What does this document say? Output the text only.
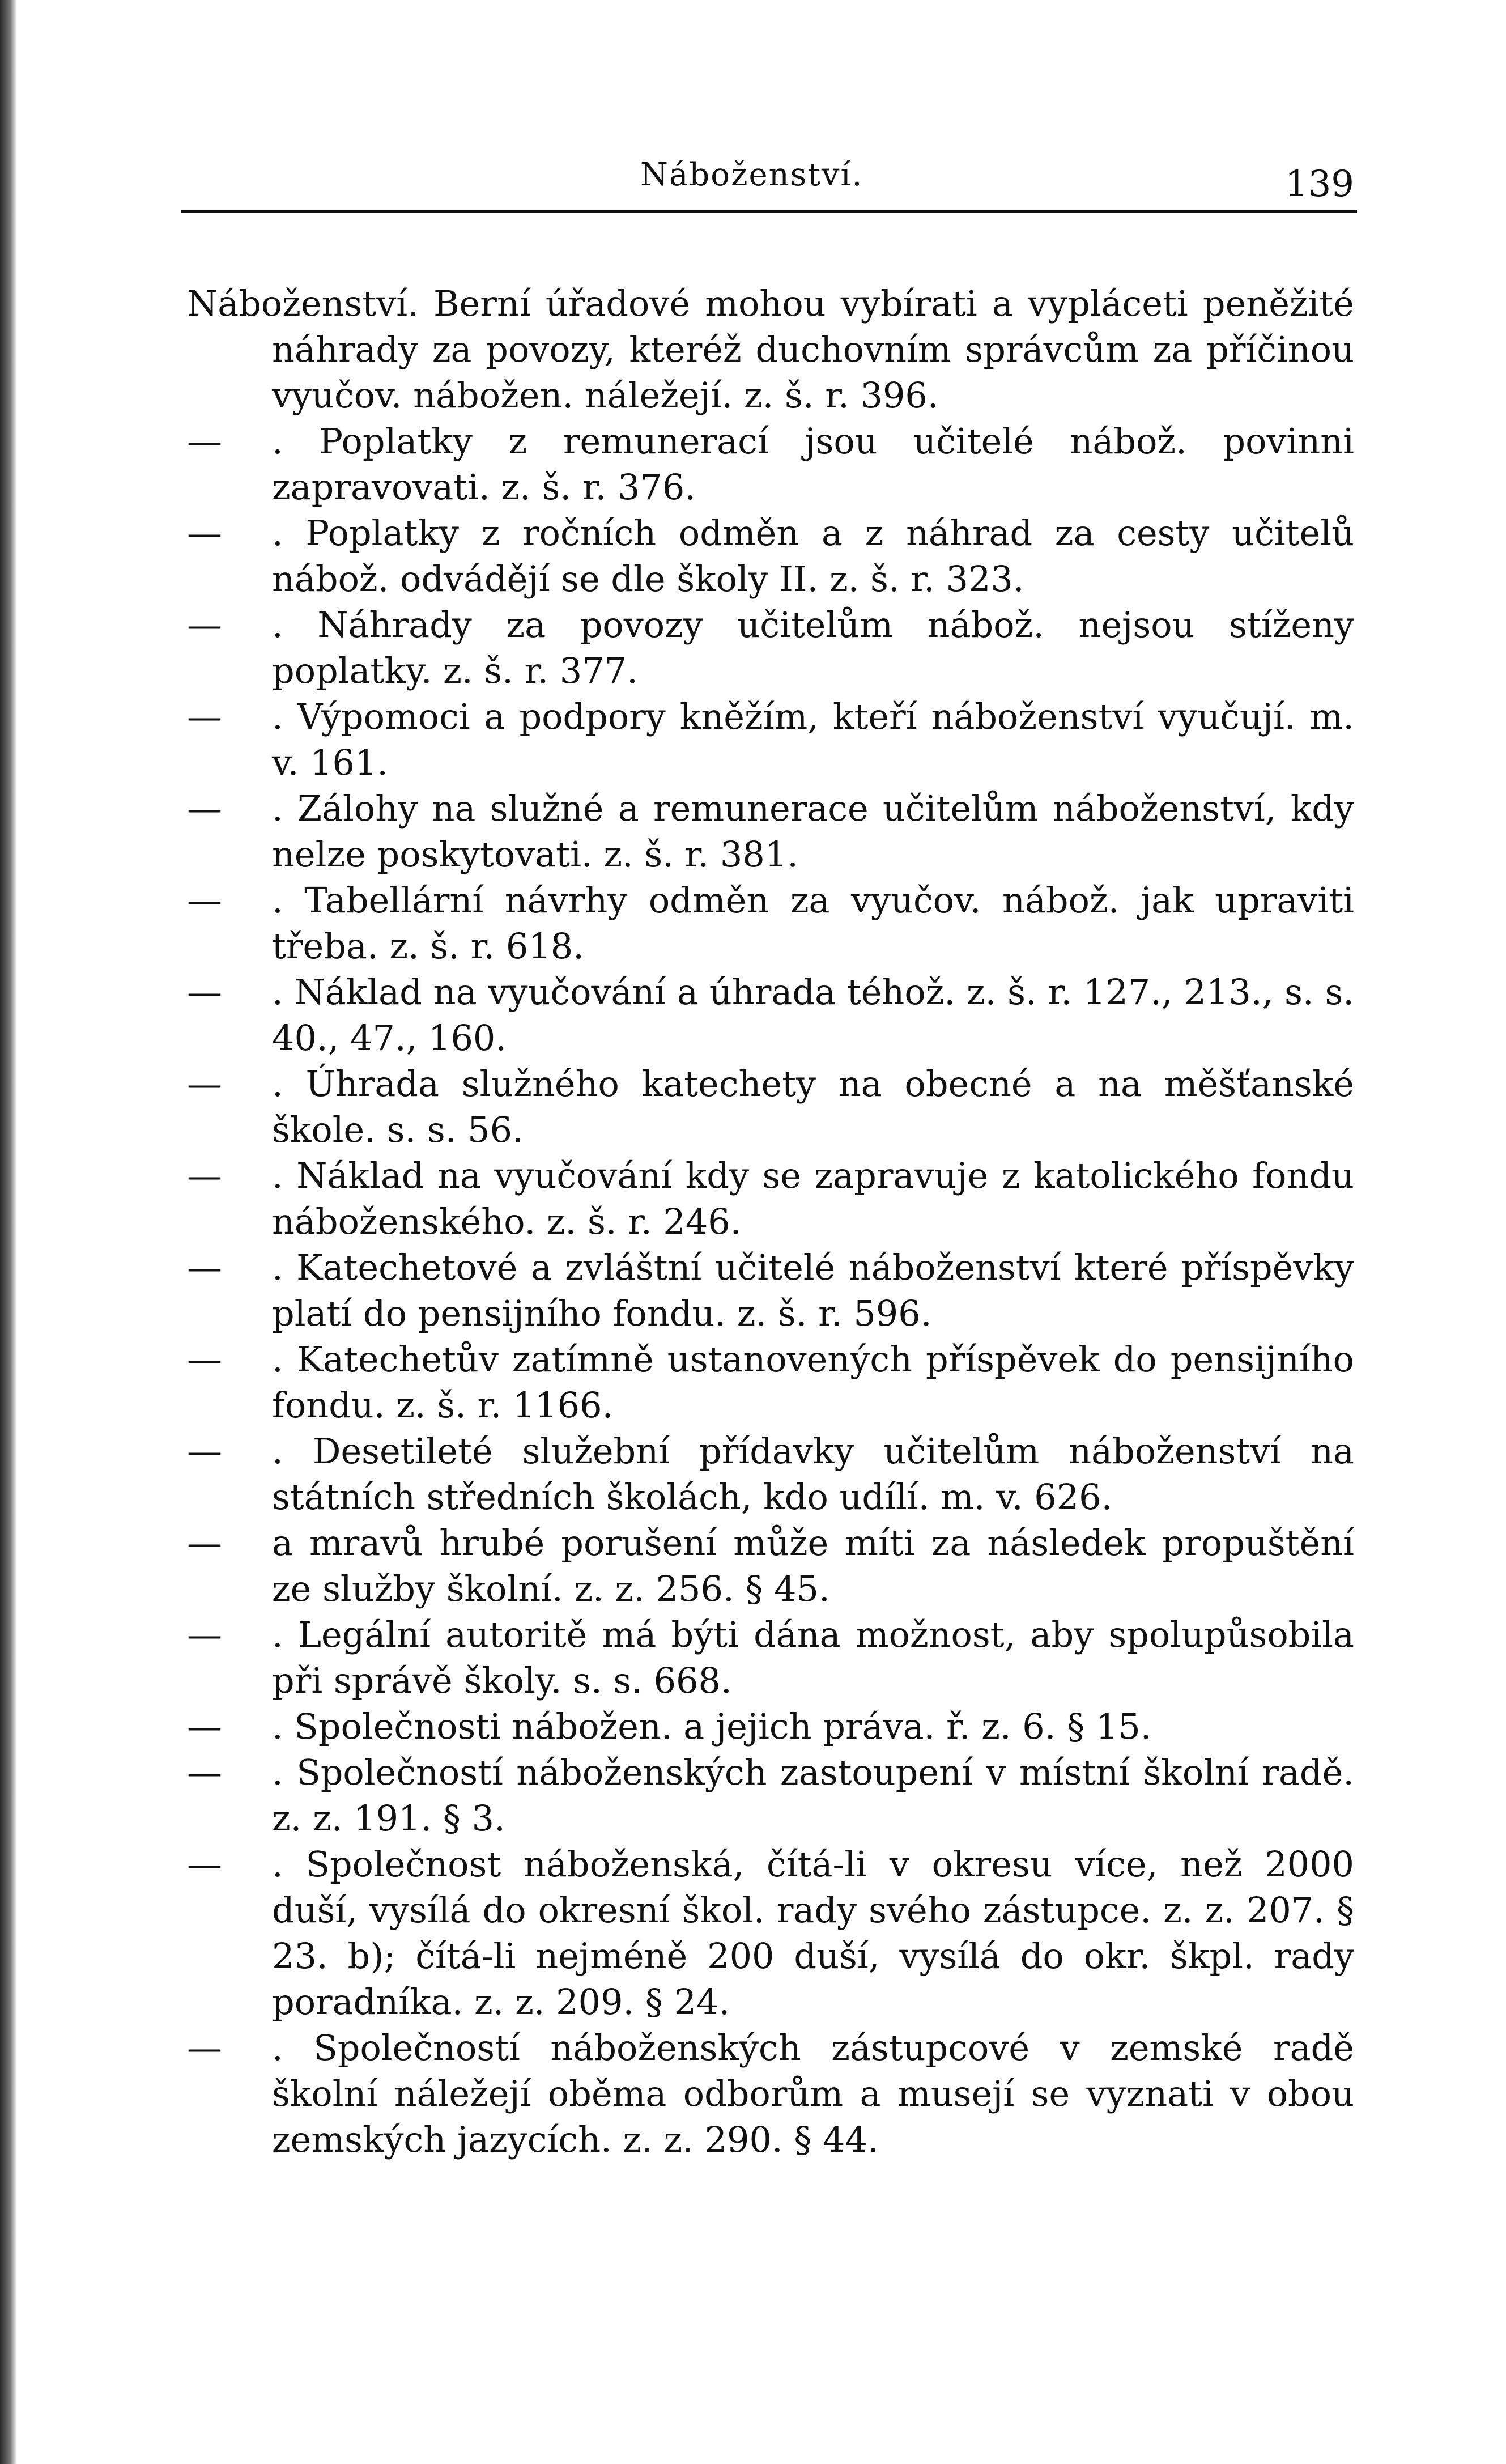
Náboženství.	139

Náboženství. Berní úřadové mohou vybírati a vypláceti peněžité náhrady za povozy, kteréž duchovním správcům za příčinou vyučov. nábožen. náležejí. z. š. r. 396.

— . Poplatky z remunerací jsou učitelé nábož. povinni zapravovati. z. š. r. 376.

— . Poplatky z ročních odměn a z náhrad za cesty učitelů nábož. odvádějí se dle školy II. z. š. r. 323.

— . Náhrady za povozy učitelům nábož. nejsou stíženy poplatky. z. š. r. 377.

— . Výpomoci a podpory kněžím, kteří náboženství vyučují. m. v. 161.

— . Zálohy na služné a remunerace učitelům náboženství, kdy nelze poskytovati. z. š. r. 381.

— . Tabellární návrhy odměn za vyučov. nábož. jak upraviti třeba. z. š. r. 618.

— . Náklad na vyučování a úhrada téhož. z. š. r. 127., 213., s. s. 40., 47., 160.

— . Úhrada služného katechety na obecné a na měšťanské škole. s. s. 56.

— . Náklad na vyučování kdy se zapravuje z katolického fondu náboženského. z. š. r. 246.

— . Katechetové a zvláštní učitelé náboženství které příspěvky platí do pensijního fondu. z. š. r. 596.

— . Katechetův zatímně ustanovených příspěvek do pensijního fondu. z. š. r. 1166.

— . Desetileté služební přídavky učitelům náboženství na státních středních školách, kdo udílí. m. v. 626.

— a mravů hrubé porušení může míti za následek propuštění ze služby školní. z. z. 256. § 45.

— . Legální autoritě má býti dána možnost, aby spolupůsobila při správě školy. s. s. 668.

— . Společnosti nábožen. a jejich práva. ř. z. 6. § 15.

— . Společností náboženských zastoupení v místní školní radě. z. z. 191. § 3.

— . Společnost náboženská, čítá-li v okresu více, než 2000 duší, vysílá do okresní škol. rady svého zástupce. z. z. 207. § 23. b); čítá-li nejméně 200 duší, vysílá do okr. škpl. rady poradníka. z. z. 209. § 24.

— . Společností náboženských zástupcové v zemské radě školní náležejí oběma odborům a musejí se vyznati v obou zemských jazycích. z. z. 290. § 44.
